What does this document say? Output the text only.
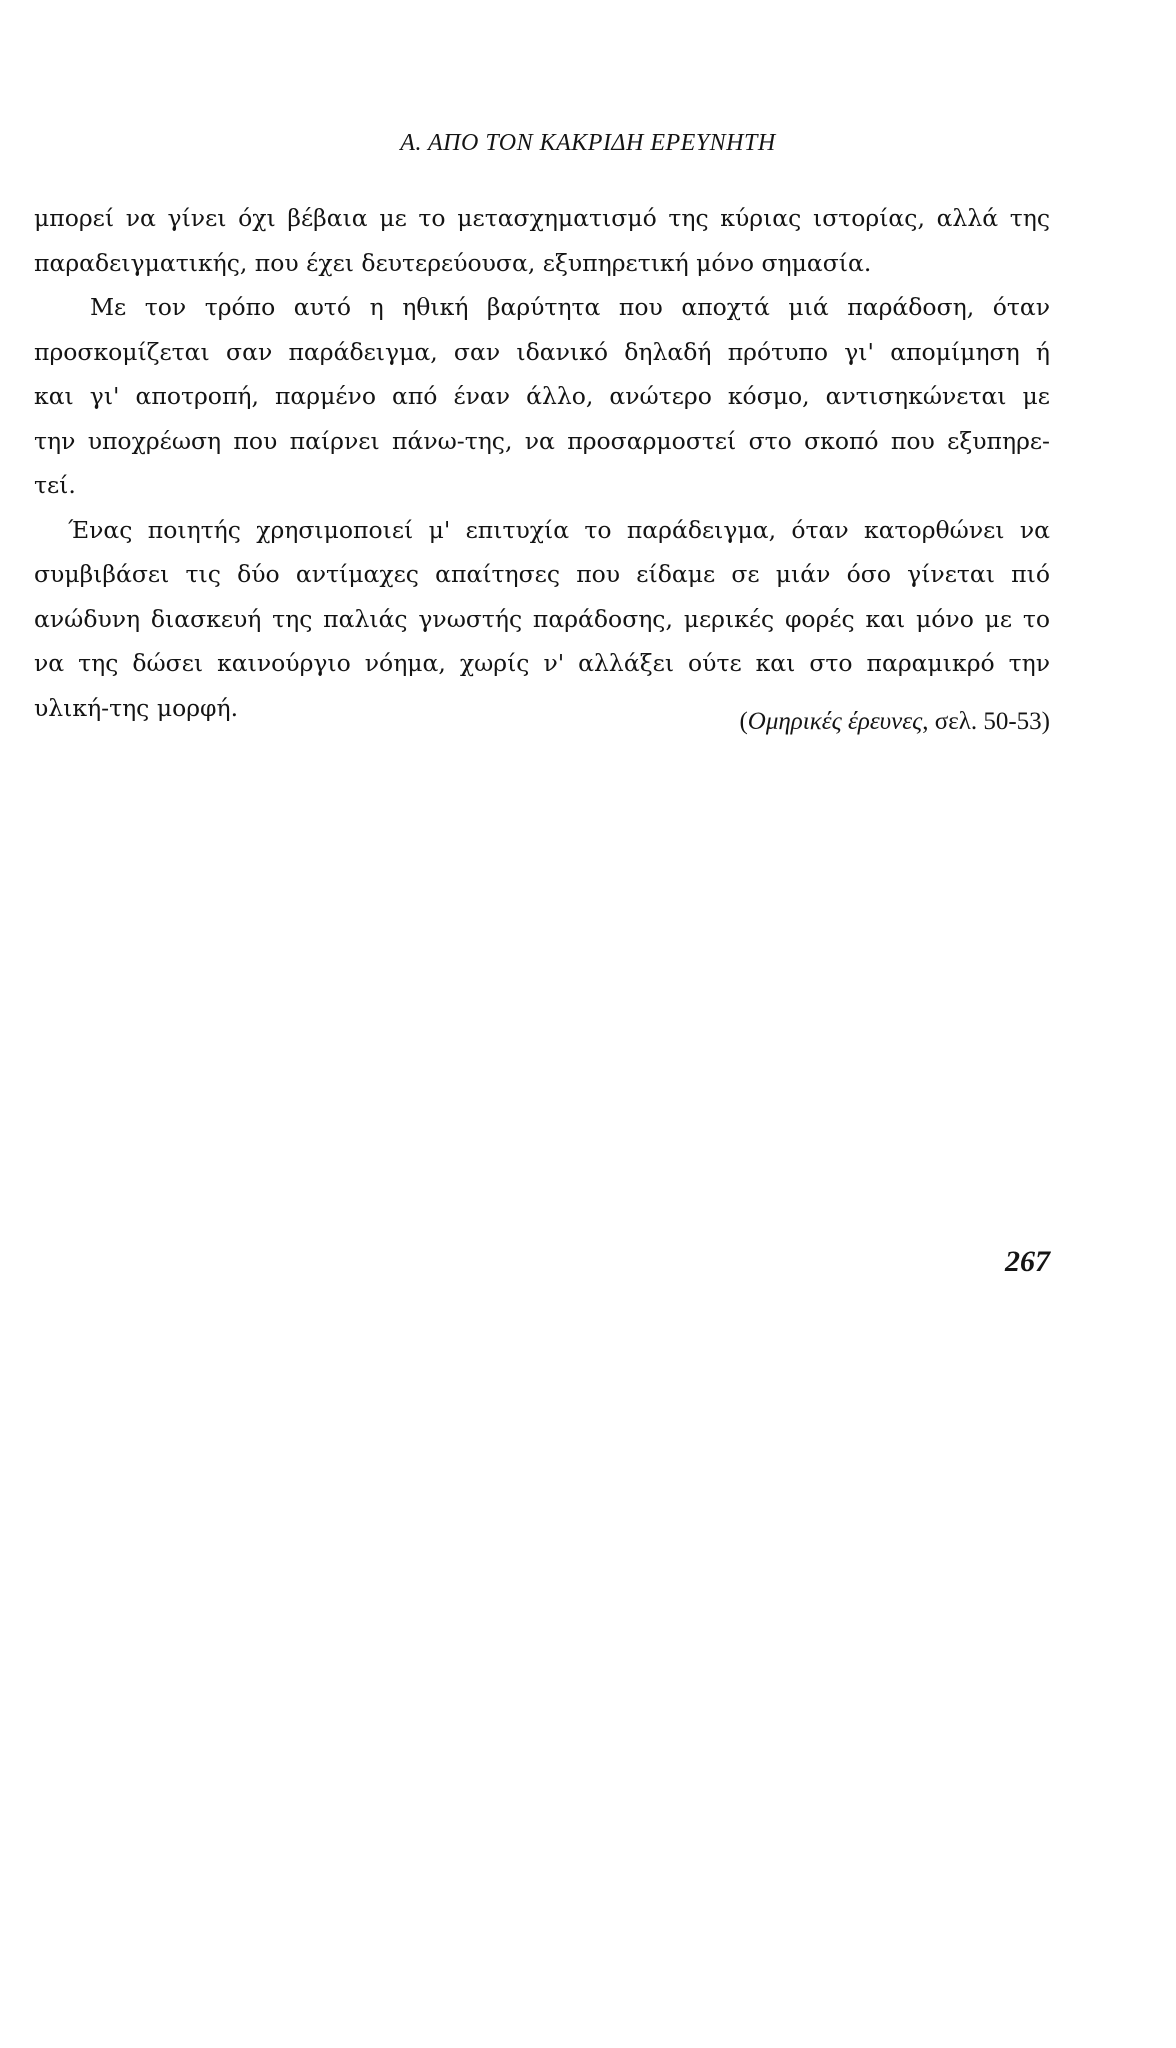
Α. ΑΠΟ ΤΟΝ ΚΑΚΡΙΔΗ ΕΡΕΥΝΗΤΗ
μπορεί να γίνει όχι βέβαια με το μετασχηματισμό της κύριας ιστορίας, αλλά της
παραδειγματικής, που έχει δευτερεύουσα, εξυπηρετική μόνο σημασία.
Με τον τρόπο αυτό η ηθική βαρύτητα που αποχτά μιά παράδοση, όταν
προσκομίζεται σαν παράδειγμα, σαν ιδανικό δηλαδή πρότυπο γι' απομίμηση ή
και γι' αποτροπή, παρμένο από έναν άλλο, ανώτερο κόσμο, αντισηκώνεται με
την υποχρέωση που παίρνει πάνω-της, να προσαρμοστεί στο σκοπό που εξυπηρε-
τεί.
Ένας ποιητής χρησιμοποιεί μ' επιτυχία το παράδειγμα, όταν κατορθώνει να
συμβιβάσει τις δύο αντίμαχες απαίτησες που είδαμε σε μιάν όσο γίνεται πιό
ανώδυνη διασκευή της παλιάς γνωστής παράδοσης, μερικές φορές και μόνο με το
να της δώσει καινούργιο νόημα, χωρίς ν' αλλάξει ούτε και στο παραμικρό την
υλική-της μορφή.	(Ομηρικές έρευνες, σελ. 50-53)
267
